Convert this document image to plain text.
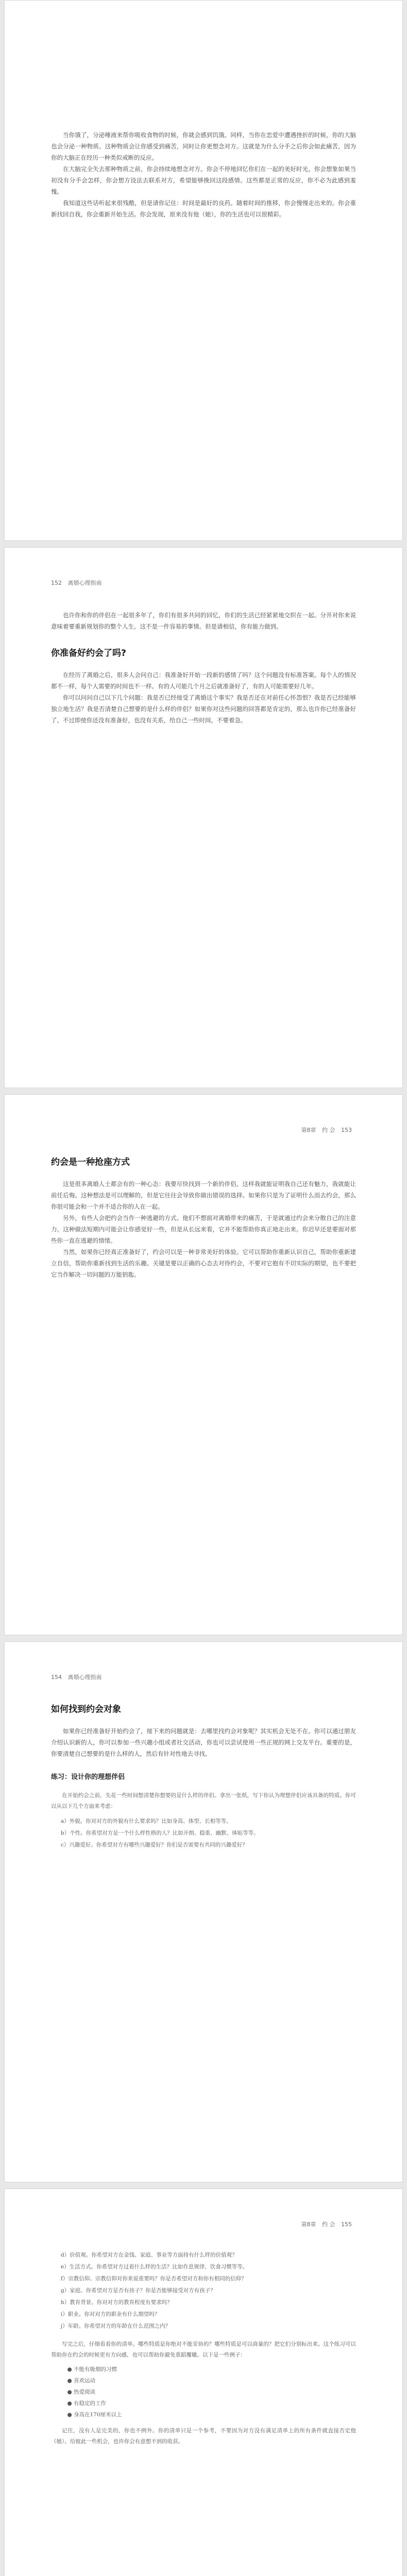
当你饿了，分泌唾液来帮你吸收食物的时候，你就会感到饥饿。同样，当你在恋爱中遭遇挫折的时候，你的大脑也会分泌一种物质。这种物质会让你感受到痛苦，同时让你更想念对方。这就是为什么分手之后你会如此痛苦，因为你的大脑正在经历一种类似戒断的反应。

在大脑完全失去那种物质之前，你会持续地想念对方。你会不停地回忆你们在一起的美好时光，你会想象如果当初没有分手会怎样，你会想方设法去联系对方，希望能够挽回这段感情。这些都是正常的反应，你不必为此感到羞愧。

我知道这些话听起来很残酷，但是请你记住：时间是最好的良药。随着时间的推移，你会慢慢走出来的。你会重新找回自我，你会重新开始生活。你会发现，原来没有他（她），你的生活也可以很精彩。

152 离婚心理指南

也许你和你的伴侣在一起很多年了，你们有很多共同的回忆，你们的生活已经紧紧地交织在一起。分开对你来说意味着要重新规划你的整个人生。这不是一件容易的事情。但是请相信，你有能力做到。

你准备好约会了吗?

在经历了离婚之后，很多人会问自己：我准备好开始一段新的感情了吗？这个问题没有标准答案。每个人的情况都不一样，每个人需要的时间也不一样。有的人可能几个月之后就准备好了，有的人可能需要好几年。

你可以问问自己以下几个问题：我是否已经接受了离婚这个事实？我是否还在对前任心怀怨恨？我是否已经能够独立地生活？我是否清楚自己想要的是什么样的伴侣？如果你对这些问题的回答都是肯定的，那么也许你已经准备好了。不过即使你还没有准备好，也没有关系，给自己一些时间，不要着急。

第8章 约 会 153
约会是一种抢座方式

这是很多离婚人士都会有的一种心态：我要尽快找到一个新的伴侣，这样我就能证明我自己还有魅力，我就能让前任后悔。这种想法是可以理解的，但是它往往会导致你做出错误的选择。如果你只是为了证明什么而去约会，那么你很可能会和一个并不适合你的人在一起。

另外，有些人会把约会当作一种逃避的方式。他们不想面对离婚带来的痛苦，于是就通过约会来分散自己的注意力。这种做法短期内可能会让你感觉好一些，但是从长远来看，它并不能帮助你真正地走出来。你迟早还是要面对那些你一直在逃避的情绪。

当然，如果你已经真正准备好了，约会可以是一种非常美好的体验。它可以帮助你重新认识自己，帮助你重新建立自信，帮助你重新找到生活的乐趣。关键是要以正确的心态去对待约会，不要对它抱有不切实际的期望，也不要把它当作解决一切问题的万能钥匙。

154 离婚心理指南
如何找到约会对象

如果你已经准备好开始约会了，接下来的问题就是：去哪里找约会对象呢？其实机会无处不在。你可以通过朋友介绍认识新的人，你可以参加一些兴趣小组或者社交活动，你也可以尝试使用一些正规的网上交友平台。重要的是，你要清楚自己想要的是什么样的人，然后有针对性地去寻找。

练习：设计你的理想伴侣

在开始约会之前，先花一些时间想清楚你想要的是什么样的伴侣。拿出一张纸，写下你认为理想伴侣应该具备的特质。你可以从以下几个方面来考虑：

a）外貌。你对对方的外貌有什么要求吗？比如身高、体型、长相等等。
b）个性。你希望对方是一个什么样性格的人？比如开朗、稳重、幽默、体贴等等。
c）兴趣爱好。你希望对方有哪些兴趣爱好？你们是否需要有共同的兴趣爱好？
第8章 约 会 155
d）价值观。你希望对方在金钱、家庭、事业等方面持有什么样的价值观？
e）生活方式。你希望对方过着什么样的生活？比如作息规律、饮食习惯等等。
f）宗教信仰。宗教信仰对你来说重要吗？你是否希望对方和你有相同的信仰？
g）家庭。你希望对方是否有孩子？你是否能够接受对方有孩子？
h）教育背景。你对对方的教育程度有要求吗？
i）职业。你对对方的职业有什么期望吗？
j）年龄。你希望对方的年龄在什么范围之内？

写完之后，仔细看看你的清单。哪些特质是你绝对不能妥协的？哪些特质是可以商量的？把它们分别标出来。这个练习可以帮助你在约会的时候更有方向感，也可以帮助你避免重蹈覆辙。以下是一些例子：

● 不能有吸烟的习惯
● 喜欢运动
● 热爱阅读
● 有稳定的工作
● 身高在170厘米以上

记住，没有人是完美的，你也不例外。你的清单只是一个参考，不要因为对方没有满足清单上的所有条件就直接否定他（她）。给彼此一些机会，也许你会有意想不到的收获。
